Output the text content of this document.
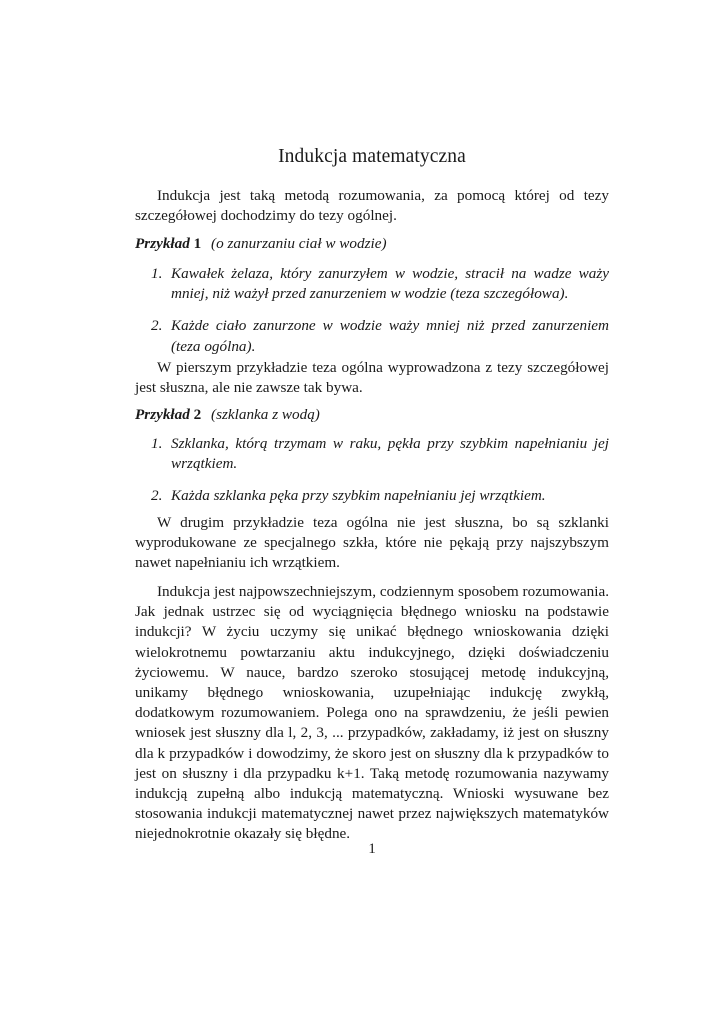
Indukcja matematyczna

Indukcja jest taką metodą rozumowania, za pomocą której od tezy szczegółowej dochodzimy do tezy ogólnej.

Przykład 1 (o zanurzaniu ciał w wodzie)
1. Kawałek żelaza, który zanurzyłem w wodzie, stracił na wadze waży mniej, niż ważył przed zanurzeniem w wodzie (teza szczegółowa).
2. Każde ciało zanurzone w wodzie waży mniej niż przed zanurzeniem (teza ogólna).

W pierszym przykładzie teza ogólna wyprowadzona z tezy szczegółowej jest słuszna, ale nie zawsze tak bywa.

Przykład 2 (szklanka z wodą)
1. Szklanka, którą trzymam w raku, pękła przy szybkim napełnianiu jej wrzątkiem.
2. Każda szklanka pęka przy szybkim napełnianiu jej wrzątkiem.

W drugim przykładzie teza ogólna nie jest słuszna, bo są szklanki wyprodukowane ze specjalnego szkła, które nie pękają przy najszybszym nawet napełnianiu ich wrzątkiem.

Indukcja jest najpowszechniejszym, codziennym sposobem rozumowania. Jak jednak ustrzec się od wyciągnięcia błędnego wniosku na podstawie indukcji? W życiu uczymy się unikać błędnego wnioskowania dzięki wielokrotnemu powtarzaniu aktu indukcyjnego, dzięki doświadczeniu życiowemu. W nauce, bardzo szeroko stosującej metodę indukcyjną, unikamy błędnego wnioskowania, uzupełniając indukcję zwykłą, dodatkowym rozumowaniem. Polega ono na sprawdzeniu, że jeśli pewien wniosek jest słuszny dla l, 2, 3, ... przypadków, zakładamy, iż jest on słuszny dla k przypadków i dowodzimy, że skoro jest on słuszny dla k przypadków to jest on słuszny i dla przypadku k+1. Taką metodę rozumowania nazywamy indukcją zupełną albo indukcją matematyczną. Wnioski wysuwane bez stosowania indukcji matematycznej nawet przez największych matematyków niejednokrotnie okazały się błędne.

1
